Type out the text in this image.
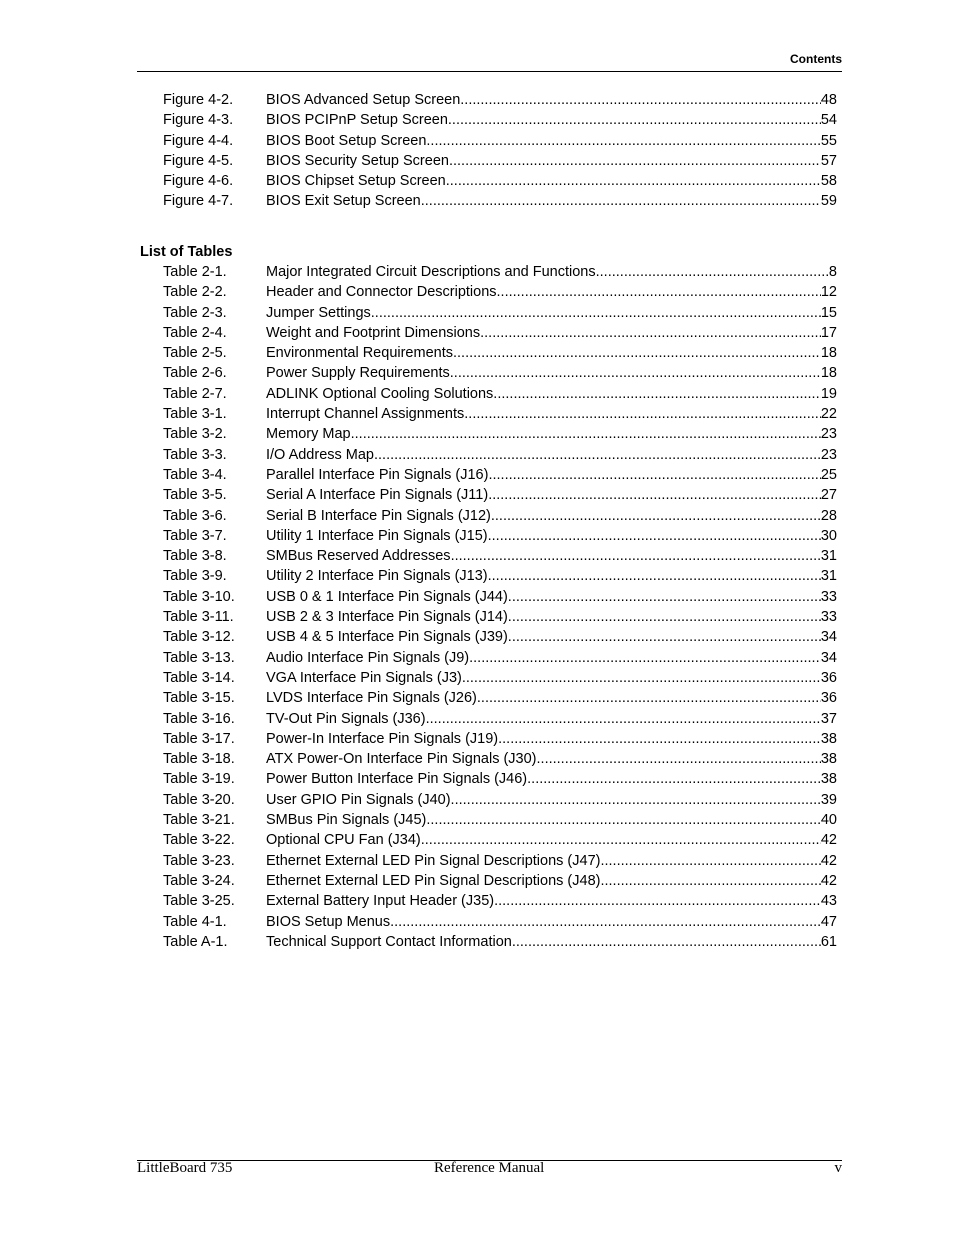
Contents
Figure 4-2.	BIOS Advanced Setup Screen .....	48
Figure 4-3.	BIOS PCIPnP Setup Screen .....	54
Figure 4-4.	BIOS Boot Setup Screen .....	55
Figure 4-5.	BIOS Security Setup Screen .....	57
Figure 4-6.	BIOS Chipset Setup Screen .....	58
Figure 4-7.	BIOS Exit Setup Screen .....	59
List of Tables
Table 2-1.	Major Integrated Circuit Descriptions and Functions .....	8
Table 2-2.	Header and Connector Descriptions .....	12
Table 2-3.	Jumper Settings .....	15
Table 2-4.	Weight and Footprint Dimensions .....	17
Table 2-5.	Environmental Requirements .....	18
Table 2-6.	Power Supply Requirements .....	18
Table 2-7.	ADLINK Optional Cooling Solutions .....	19
Table 3-1.	Interrupt Channel Assignments .....	22
Table 3-2.	Memory Map .....	23
Table 3-3.	I/O Address Map .....	23
Table 3-4.	Parallel Interface Pin Signals (J16) .....	25
Table 3-5.	Serial A Interface Pin Signals (J11) .....	27
Table 3-6.	Serial B Interface Pin Signals (J12) .....	28
Table 3-7.	Utility 1 Interface Pin Signals (J15) .....	30
Table 3-8.	SMBus Reserved Addresses .....	31
Table 3-9.	Utility 2 Interface Pin Signals (J13) .....	31
Table 3-10.	USB 0 & 1 Interface Pin Signals (J44) .....	33
Table 3-11.	USB 2 & 3 Interface Pin Signals (J14) .....	33
Table 3-12.	USB 4 & 5 Interface Pin Signals (J39) .....	34
Table 3-13.	Audio Interface Pin Signals (J9) .....	34
Table 3-14.	VGA Interface Pin Signals (J3) .....	36
Table 3-15.	LVDS Interface Pin Signals (J26) .....	36
Table 3-16.	TV-Out Pin Signals (J36) .....	37
Table 3-17.	Power-In Interface Pin Signals (J19) .....	38
Table 3-18.	ATX Power-On Interface Pin Signals (J30) .....	38
Table 3-19.	Power Button Interface Pin Signals (J46) .....	38
Table 3-20.	User GPIO Pin Signals (J40) .....	39
Table 3-21.	SMBus Pin Signals (J45) .....	40
Table 3-22.	Optional CPU Fan (J34) .....	42
Table 3-23.	Ethernet External LED Pin Signal Descriptions (J47) .....	42
Table 3-24.	Ethernet External LED Pin Signal Descriptions (J48) .....	42
Table 3-25.	External Battery Input Header (J35) .....	43
Table 4-1.	BIOS Setup Menus .....	47
Table A-1.	Technical Support Contact Information .....	61
LittleBoard 735	Reference Manual	v
